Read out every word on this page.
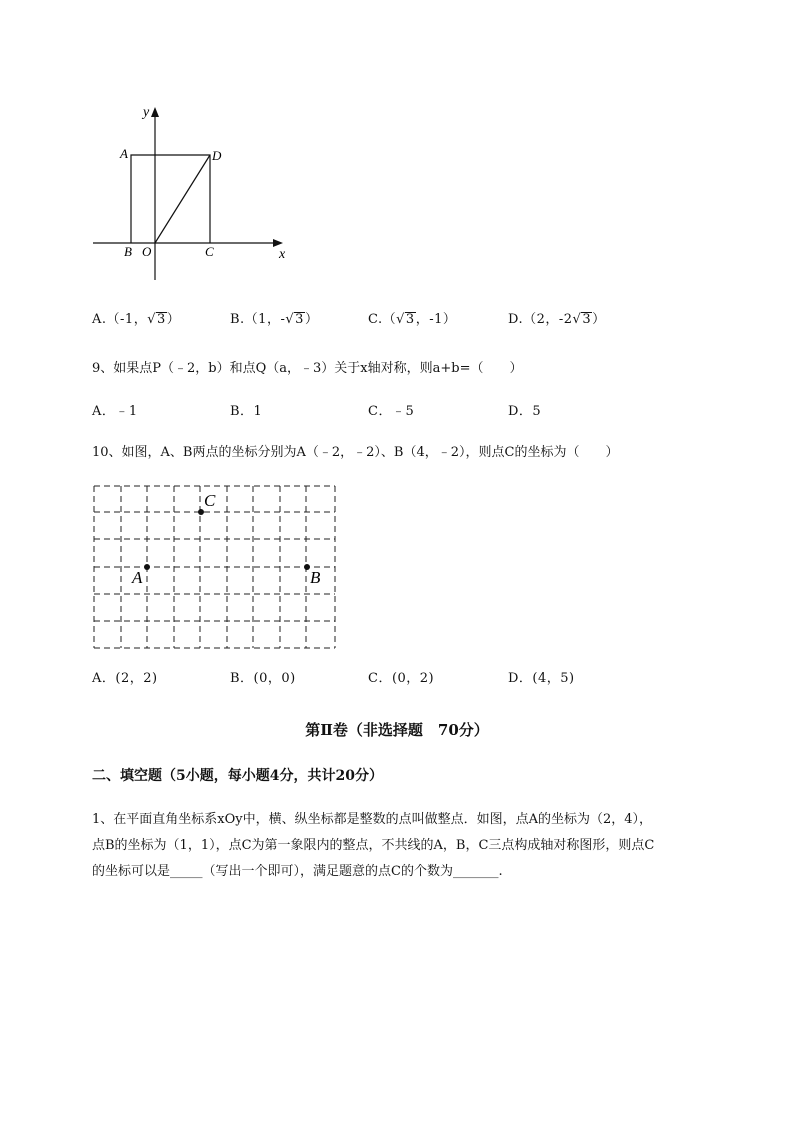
y
x
A	D
B O	C
A.（-1，√3）	B.（1，-√3）	C.（√3，-1）	D.（2，-2√3）
9、如果点P（﹣2，b）和点Q（a，﹣3）关于x轴对称，则a+b=（　　）
A．﹣1	B．1	C．﹣5	D．5
10、如图，A、B两点的坐标分别为A（﹣2，﹣2）、B（4，﹣2），则点C的坐标为（　　）
C
A	B
A．(2，2)	B．(0，0)	C．(0，2)	D．(4，5)
第Ⅱ卷（非选择题　70分）
二、填空题（5小题，每小题4分，共计20分）
1、在平面直角坐标系xOy中，横、纵坐标都是整数的点叫做整点．如图，点A的坐标为（2，4），
点B的坐标为（1，1），点C为第一象限内的整点，不共线的A，B，C三点构成轴对称图形，则点C
的坐标可以是_____（写出一个即可），满足题意的点C的个数为_______.
